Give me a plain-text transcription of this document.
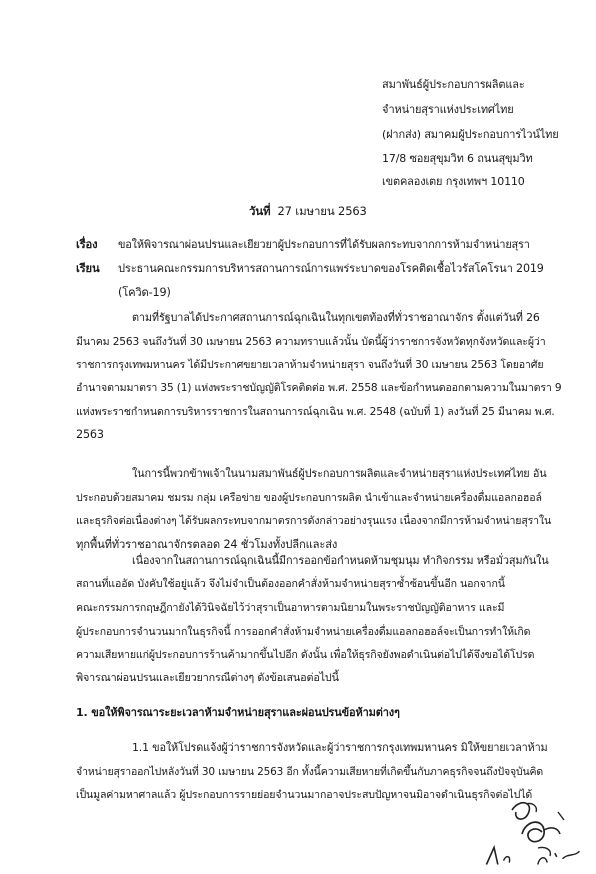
สมาพันธ์ผู้ประกอบการผลิตและ
จำหน่ายสุราแห่งประเทศไทย
(ฝากส่ง) สมาคมผู้ประกอบการไวน์ไทย
17/8 ซอยสุขุมวิท 6 ถนนสุขุมวิท
เขตคลองเตย กรุงเทพฯ 10110
วันที่ 27 เมษายน 2563
เรื่อง ขอให้พิจารณาผ่อนปรนและเยียวยาผู้ประกอบการที่ได้รับผลกระทบจากการห้ามจำหน่ายสุรา
เรียน ประธานคณะกรรมการบริหารสถานการณ์การแพร่ระบาดของโรคติดเชื้อไวรัสโคโรนา 2019
(โควิด-19)
ตามที่รัฐบาลได้ประกาศสถานการณ์ฉุกเฉินในทุกเขตท้องที่ทั่วราชอาณาจักร ตั้งแต่วันที่ 26
มีนาคม 2563 จนถึงวันที่ 30 เมษายน 2563 ความทราบแล้วนั้น บัดนี้ผู้ว่าราชการจังหวัดทุกจังหวัดและผู้ว่า
ราชการกรุงเทพมหานคร ได้มีประกาศขยายเวลาห้ามจำหน่ายสุรา จนถึงวันที่ 30 เมษายน 2563 โดยอาศัย
อำนาจตามมาตรา 35 (1) แห่งพระราชบัญญัติโรคติดต่อ พ.ศ. 2558 และข้อกำหนดออกตามความในมาตรา 9
แห่งพระราชกำหนดการบริหารราชการในสถานการณ์ฉุกเฉิน พ.ศ. 2548 (ฉบับที่ 1) ลงวันที่ 25 มีนาคม พ.ศ.
2563
ในการนี้พวกข้าพเจ้าในนามสมาพันธ์ผู้ประกอบการผลิตและจำหน่ายสุราแห่งประเทศไทย อัน
ประกอบด้วยสมาคม ชมรม กลุ่ม เครือข่าย ของผู้ประกอบการผลิต นำเข้าและจำหน่ายเครื่องดื่มแอลกอฮอล์
และธุรกิจต่อเนื่องต่างๆ ได้รับผลกระทบจากมาตรการดังกล่าวอย่างรุนแรง เนื่องจากมีการห้ามจำหน่ายสุราใน
ทุกพื้นที่ทั่วราชอาณาจักรตลอด 24 ชั่วโมงทั้งปลีกและส่ง
เนื่องจากในสถานการณ์ฉุกเฉินนี้มีการออกข้อกำหนดห้ามชุมนุม ทำกิจกรรม หรือมั่วสุมกันใน
สถานที่แออัด บังคับใช้อยู่แล้ว จึงไม่จำเป็นต้องออกคำสั่งห้ามจำหน่ายสุราซ้ำซ้อนขึ้นอีก นอกจากนี้
คณะกรรมการกฤษฎีกายังได้วินิจฉัยไว้ว่าสุราเป็นอาหารตามนิยามในพระราชบัญญัติอาหาร และมี
ผู้ประกอบการจำนวนมากในธุรกิจนี้ การออกคำสั่งห้ามจำหน่ายเครื่องดื่มแอลกอฮอล์จะเป็นการทำให้เกิด
ความเสียหายแก่ผู้ประกอบการร้านค้ามากขึ้นไปอีก ดังนั้น เพื่อให้ธุรกิจยังพอดำเนินต่อไปได้จึงขอได้โปรด
พิจารณาผ่อนปรนและเยียวยากรณีต่างๆ ดังข้อเสนอต่อไปนี้
1. ขอให้พิจารณาระยะเวลาห้ามจำหน่ายสุราและผ่อนปรนข้อห้ามต่างๆ
1.1 ขอให้โปรดแจ้งผู้ว่าราชการจังหวัดและผู้ว่าราชการกรุงเทพมหานคร มิให้ขยายเวลาห้าม
จำหน่ายสุราออกไปหลังวันที่ 30 เมษายน 2563 อีก ทั้งนี้ความเสียหายที่เกิดขึ้นกับภาคธุรกิจจนถึงปัจจุบันคิด
เป็นมูลค่ามหาศาลแล้ว ผู้ประกอบการรายย่อยจำนวนมากอาจประสบปัญหาจนมิอาจดำเนินธุรกิจต่อไปได้
